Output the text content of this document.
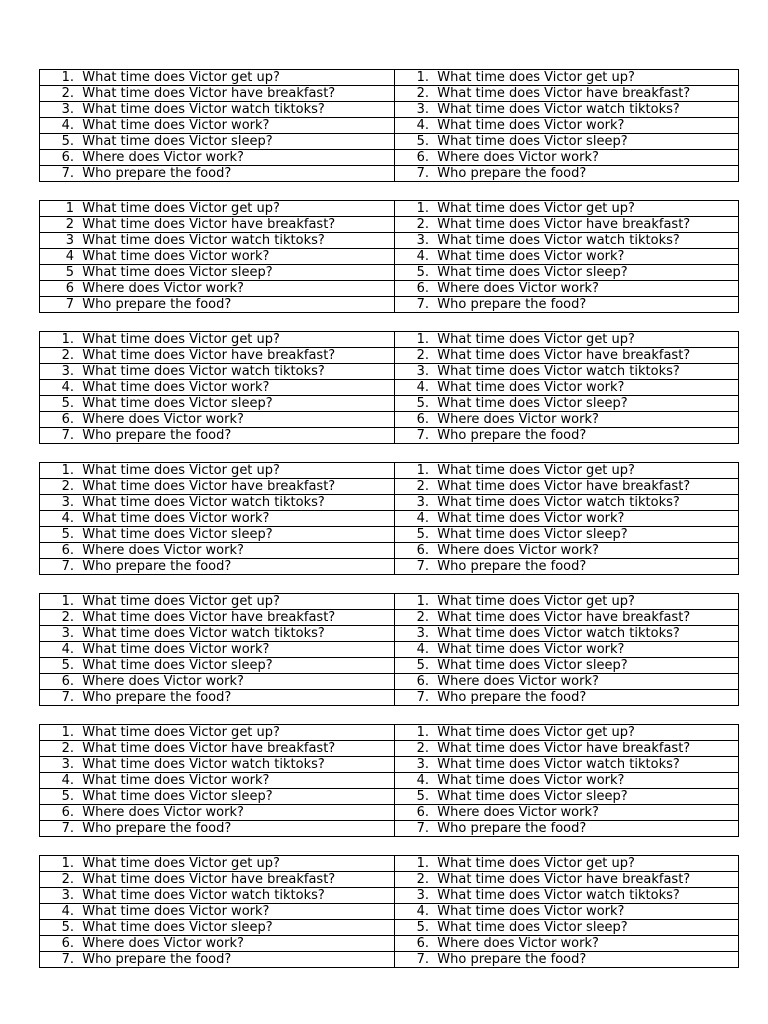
1. What time does Victor get up?	1. What time does Victor get up?
2. What time does Victor have breakfast?	2. What time does Victor have breakfast?
3. What time does Victor watch tiktoks?	3. What time does Victor watch tiktoks?
4. What time does Victor work?	4. What time does Victor work?
5. What time does Victor sleep?	5. What time does Victor sleep?
6. Where does Victor work?	6. Where does Victor work?
7. Who prepare the food?	7. Who prepare the food?
1 What time does Victor get up?	1. What time does Victor get up?
2 What time does Victor have breakfast?	2. What time does Victor have breakfast?
3 What time does Victor watch tiktoks?	3. What time does Victor watch tiktoks?
4 What time does Victor work?	4. What time does Victor work?
5 What time does Victor sleep?	5. What time does Victor sleep?
6 Where does Victor work?	6. Where does Victor work?
7 Who prepare the food?	7. Who prepare the food?
1. What time does Victor get up?	1. What time does Victor get up?
2. What time does Victor have breakfast?	2. What time does Victor have breakfast?
3. What time does Victor watch tiktoks?	3. What time does Victor watch tiktoks?
4. What time does Victor work?	4. What time does Victor work?
5. What time does Victor sleep?	5. What time does Victor sleep?
6. Where does Victor work?	6. Where does Victor work?
7. Who prepare the food?	7. Who prepare the food?
1. What time does Victor get up?	1. What time does Victor get up?
2. What time does Victor have breakfast?	2. What time does Victor have breakfast?
3. What time does Victor watch tiktoks?	3. What time does Victor watch tiktoks?
4. What time does Victor work?	4. What time does Victor work?
5. What time does Victor sleep?	5. What time does Victor sleep?
6. Where does Victor work?	6. Where does Victor work?
7. Who prepare the food?	7. Who prepare the food?
1. What time does Victor get up?	1. What time does Victor get up?
2. What time does Victor have breakfast?	2. What time does Victor have breakfast?
3. What time does Victor watch tiktoks?	3. What time does Victor watch tiktoks?
4. What time does Victor work?	4. What time does Victor work?
5. What time does Victor sleep?	5. What time does Victor sleep?
6. Where does Victor work?	6. Where does Victor work?
7. Who prepare the food?	7. Who prepare the food?
1. What time does Victor get up?	1. What time does Victor get up?
2. What time does Victor have breakfast?	2. What time does Victor have breakfast?
3. What time does Victor watch tiktoks?	3. What time does Victor watch tiktoks?
4. What time does Victor work?	4. What time does Victor work?
5. What time does Victor sleep?	5. What time does Victor sleep?
6. Where does Victor work?	6. Where does Victor work?
7. Who prepare the food?	7. Who prepare the food?
1. What time does Victor get up?	1. What time does Victor get up?
2. What time does Victor have breakfast?	2. What time does Victor have breakfast?
3. What time does Victor watch tiktoks?	3. What time does Victor watch tiktoks?
4. What time does Victor work?	4. What time does Victor work?
5. What time does Victor sleep?	5. What time does Victor sleep?
6. Where does Victor work?	6. Where does Victor work?
7. Who prepare the food?	7. Who prepare the food?
